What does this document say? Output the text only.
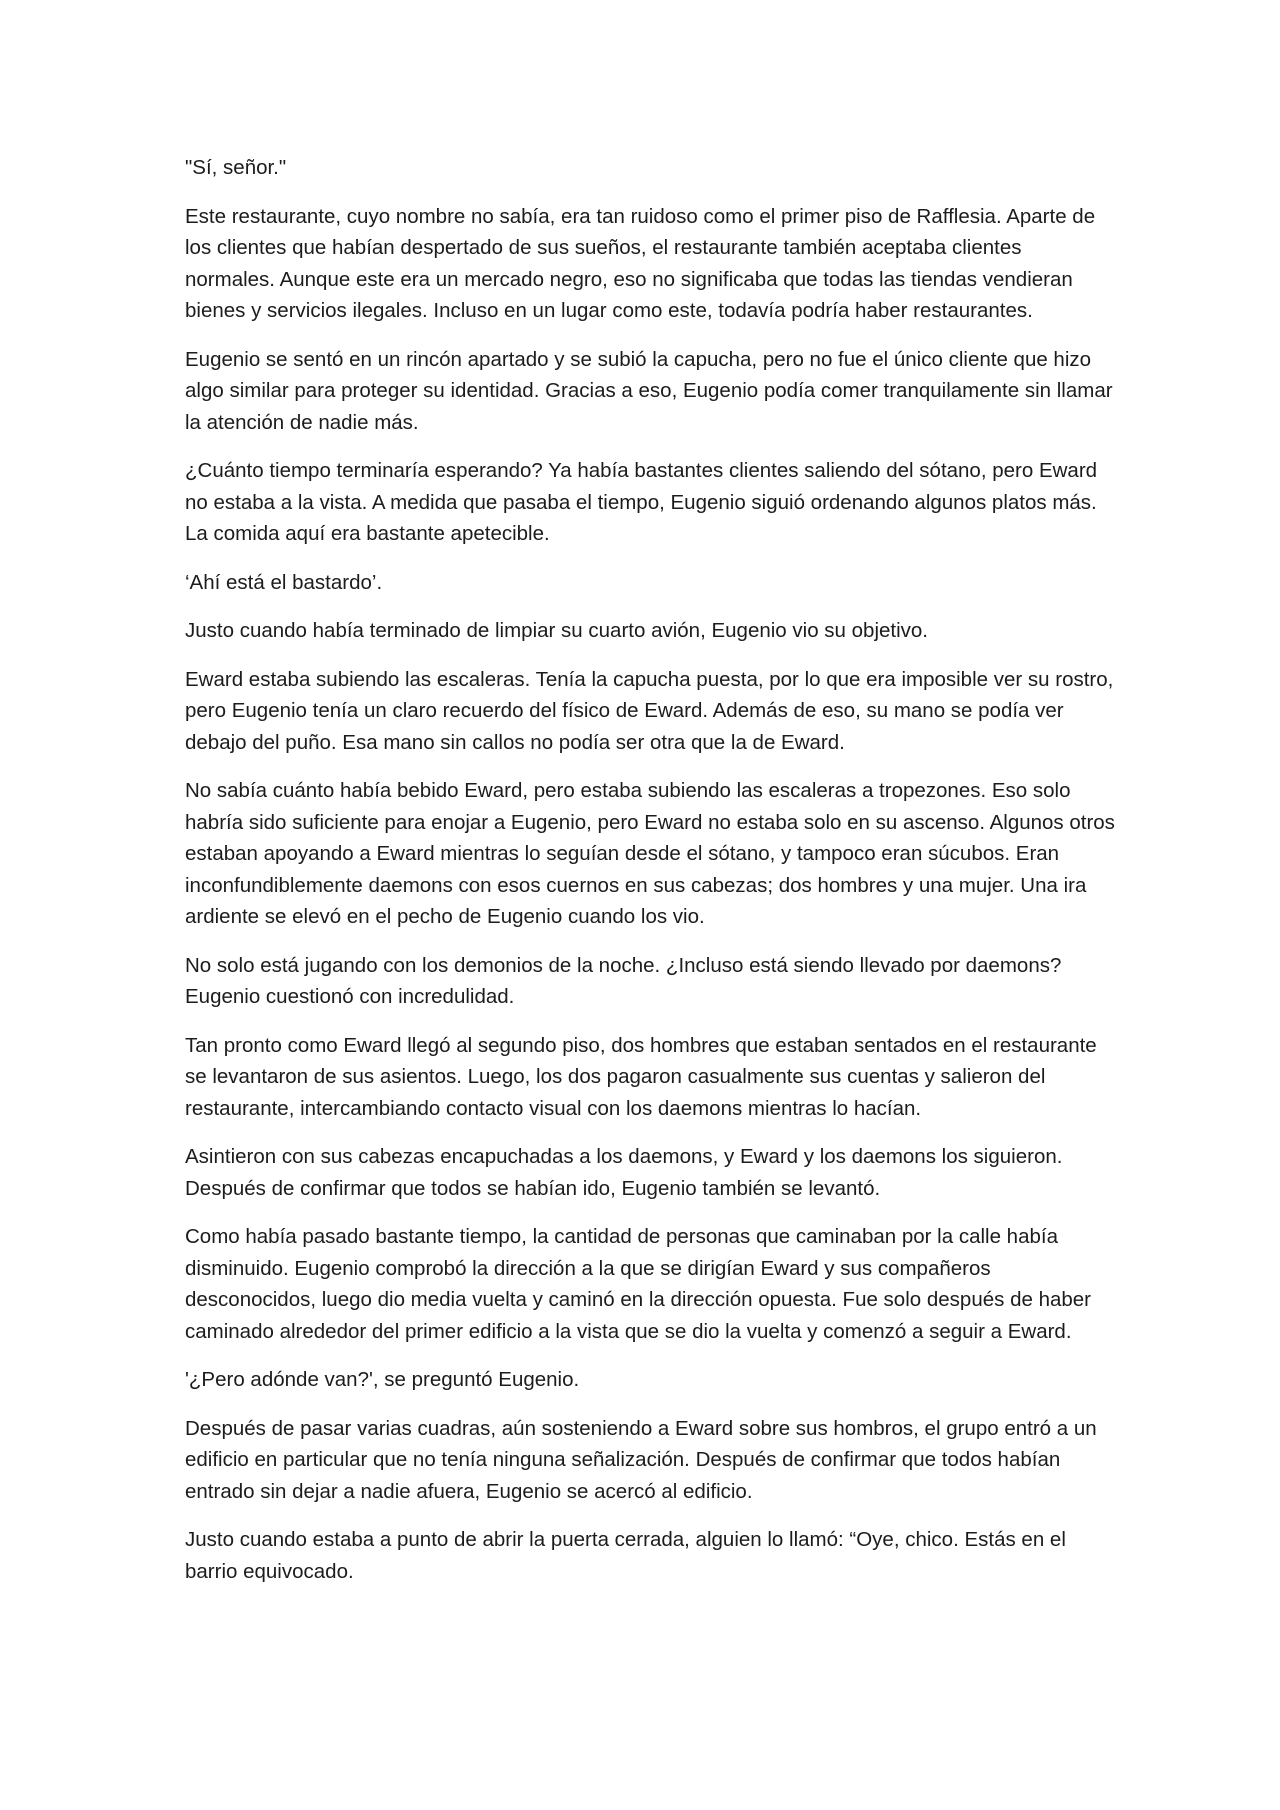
"Sí, señor."

Este restaurante, cuyo nombre no sabía, era tan ruidoso como el primer piso de Rafflesia. Aparte de los clientes que habían despertado de sus sueños, el restaurante también aceptaba clientes normales. Aunque este era un mercado negro, eso no significaba que todas las tiendas vendieran bienes y servicios ilegales. Incluso en un lugar como este, todavía podría haber restaurantes.

Eugenio se sentó en un rincón apartado y se subió la capucha, pero no fue el único cliente que hizo algo similar para proteger su identidad. Gracias a eso, Eugenio podía comer tranquilamente sin llamar la atención de nadie más.

¿Cuánto tiempo terminaría esperando? Ya había bastantes clientes saliendo del sótano, pero Eward no estaba a la vista. A medida que pasaba el tiempo, Eugenio siguió ordenando algunos platos más. La comida aquí era bastante apetecible.

‘Ahí está el bastardo’.

Justo cuando había terminado de limpiar su cuarto avión, Eugenio vio su objetivo.

Eward estaba subiendo las escaleras. Tenía la capucha puesta, por lo que era imposible ver su rostro, pero Eugenio tenía un claro recuerdo del físico de Eward. Además de eso, su mano se podía ver debajo del puño. Esa mano sin callos no podía ser otra que la de Eward.

No sabía cuánto había bebido Eward, pero estaba subiendo las escaleras a tropezones. Eso solo habría sido suficiente para enojar a Eugenio, pero Eward no estaba solo en su ascenso. Algunos otros estaban apoyando a Eward mientras lo seguían desde el sótano, y tampoco eran súcubos. Eran inconfundiblemente daemons con esos cuernos en sus cabezas; dos hombres y una mujer. Una ira ardiente se elevó en el pecho de Eugenio cuando los vio.

No solo está jugando con los demonios de la noche. ¿Incluso está siendo llevado por daemons? Eugenio cuestionó con incredulidad.

Tan pronto como Eward llegó al segundo piso, dos hombres que estaban sentados en el restaurante se levantaron de sus asientos. Luego, los dos pagaron casualmente sus cuentas y salieron del restaurante, intercambiando contacto visual con los daemons mientras lo hacían.

Asintieron con sus cabezas encapuchadas a los daemons, y Eward y los daemons los siguieron. Después de confirmar que todos se habían ido, Eugenio también se levantó.

Como había pasado bastante tiempo, la cantidad de personas que caminaban por la calle había disminuido. Eugenio comprobó la dirección a la que se dirigían Eward y sus compañeros desconocidos, luego dio media vuelta y caminó en la dirección opuesta. Fue solo después de haber caminado alrededor del primer edificio a la vista que se dio la vuelta y comenzó a seguir a Eward.

'¿Pero adónde van?', se preguntó Eugenio.

Después de pasar varias cuadras, aún sosteniendo a Eward sobre sus hombros, el grupo entró a un edificio en particular que no tenía ninguna señalización. Después de confirmar que todos habían entrado sin dejar a nadie afuera, Eugenio se acercó al edificio.

Justo cuando estaba a punto de abrir la puerta cerrada, alguien lo llamó: “Oye, chico. Estás en el barrio equivocado.
